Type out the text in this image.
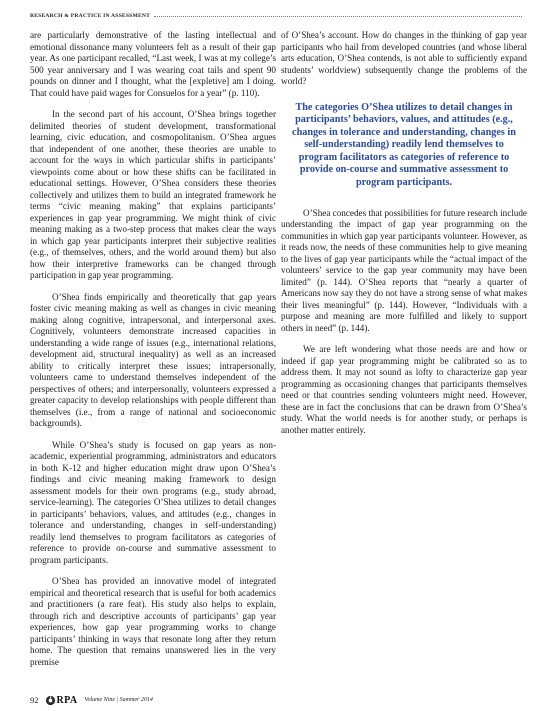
RESEARCH & PRACTICE IN ASSESSMENT

are particularly demonstrative of the lasting intellectual and emotional dissonance many volunteers felt as a result of their gap year. As one participant recalled, “Last week, I was at my college’s 500 year anniversary and I was wearing coat tails and spent 90 pounds on dinner and I thought, what the [expletive] am I doing. That could have paid wages for Consuelos for a year” (p. 110).

In the second part of his account, O’Shea brings together delimited theories of student development, transformational learning, civic education, and cosmopolitanism. O’Shea argues that independent of one another, these theories are unable to account for the ways in which particular shifts in participants’ viewpoints come about or how these shifts can be facilitated in educational settings. However, O’Shea considers these theories collectively and utilizes them to build an integrated framework he terms “civic meaning making” that explains participants’ experiences in gap year programming. We might think of civic meaning making as a two-step process that makes clear the ways in which gap year participants interpret their subjective realities (e.g., of themselves, others, and the world around them) but also how their interpretive frameworks can be changed through participation in gap year programming.

O’Shea finds empirically and theoretically that gap years foster civic meaning making as well as changes in civic meaning making along cognitive, intrapersonal, and interpersonal axes. Cognitively, volunteers demonstrate increased capacities in understanding a wide range of issues (e.g., international relations, development aid, structural inequality) as well as an increased ability to critically interpret these issues; intrapersonally, volunteers came to understand themselves independent of the perspectives of others; and interpersonally, volunteers expressed a greater capacity to develop relationships with people different than themselves (i.e., from a range of national and socioeconomic backgrounds).

While O’Shea’s study is focused on gap years as non-academic, experiential programming, administrators and educators in both K-12 and higher education might draw upon O’Shea’s findings and civic meaning making framework to design assessment models for their own programs (e.g., study abroad, service-learning). The categories O’Shea utilizes to detail changes in participants’ behaviors, values, and attitudes (e.g., changes in tolerance and understanding, changes in self-understanding) readily lend themselves to program facilitators as categories of reference to provide on-course and summative assessment to program participants.

O’Shea has provided an innovative model of integrated empirical and theoretical research that is useful for both academics and practitioners (a rare feat). His study also helps to explain, through rich and descriptive accounts of participants’ gap year experiences, how gap year programming works to change participants’ thinking in ways that resonate long after they return home. The question that remains unanswered lies in the very premise

of O’Shea’s account. How do changes in the thinking of gap year participants who hail from developed countries (and whose liberal arts education, O’Shea contends, is not able to sufficiently expand students’ worldview) subsequently change the problems of the world?

The categories O’Shea utilizes to detail changes in participants’ behaviors, values, and attitudes (e.g., changes in tolerance and understanding, changes in self-understanding) readily lend themselves to program facilitators as categories of reference to provide on-course and summative assessment to program participants.

O’Shea concedes that possibilities for future research include understanding the impact of gap year programming on the communities in which gap year participants volunteer. However, as it reads now, the needs of these communities help to give meaning to the lives of gap year participants while the “actual impact of the volunteers’ service to the gap year community may have been limited” (p. 144). O’Shea reports that “nearly a quarter of Americans now say they do not have a strong sense of what makes their lives meaningful” (p. 144). However, “Individuals with a purpose and meaning are more fulfilled and likely to support others in need” (p. 144).

We are left wondering what those needs are and how or indeed if gap year programming might be calibrated so as to address them. It may not sound as lofty to characterize gap year programming as occasioning changes that participants themselves need or that countries sending volunteers might need. However, these are in fact the conclusions that can be drawn from O’Shea’s study. What the world needs is for another study, or perhaps is another matter entirely.

92 RPA Volume Nine | Summer 2014
